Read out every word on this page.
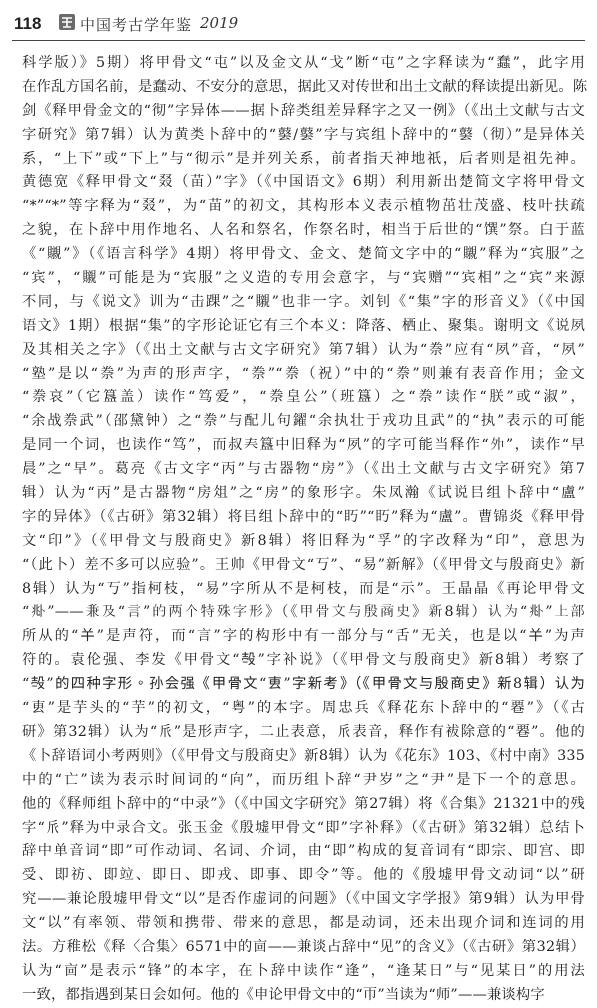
118	中国考古学年鉴 2019
科学版）》5期）将甲骨文“屯”以及金文从“戈”断“屯”之字释读为“蠢”，此字用
在作乱方国名前，是蠢动、不安分的意思，据此又对传世和出土文献的释读提出新见。陈
剑《释甲骨金文的“彻”字异体——据卜辞类组差异释字之又一例》（《出土文献与古文
字研究》第7辑）认为黄类卜辞中的“䵽/䵽”字与宾组卜辞中的“䵽（彻）”是异体关
系，“上下”或“下上”与“彻示”是并列关系，前者指天神地祇，后者则是祖先神。
黄德宽《释甲骨文“叕（苗）”字》（《中国语文》6期）利用新出楚简文字将甲骨文
“*”“*”等字释为“叕”，为“苗”的初文，其构形本义表示植物茁壮茂盛、枝叶扶疏
之貌，在卜辞中用作地名、人名和祭名，作祭名时，相当于后世的“馔”祭。白于蓝
《“䞋”》（《语言科学》4期）将甲骨文、金文、楚简文字中的“䞋”释为“宾服”之
“宾”，“䞋”可能是为“宾服”之义造的专用会意字，与“宾赠”“宾相”之“宾”来源
不同，与《说文》训为“击踝”之“䞋”也非一字。刘钊《“集”字的形音义》（《中国
语文》1期）根据“集”的字形论证它有三个本义：降落、栖止、聚集。谢明文《说夙
及其相关之字》（《出土文献与古文字研究》第7辑）认为“䄅”应有“夙”音，“夙”
“塾”是以“䄅”为声的形声字，“䄅”“䄅（祝）”中的“䄅”则兼有表音作用；金文
“䄅哀”（它簋盖）读作“笃爱”，“䄅皇公”（班簋）之“䄅”读作“朕”或“淑”，
“余战䄅武”（邵黛钟）之“䄅”与配儿句鑃“余执壮于戎功且武”的“执”表示的可能
是同一个词，也读作“笃”，而叔𡗗簋中旧释为“夙”的字可能当释作“𡖄”，读作“早
晨”之“早”。葛亮《古文字“丙”与古器物“房”》（《出土文献与古文字研究》第7
辑）认为“丙”是古器物“房俎”之“房”的象形字。朱凤瀚《试说㠯组卜辞中“盧”
字的异体》（《古研》第32辑）将㠯组卜辞中的“䀎”“䀎”释为“盧”。曹锦炎《释甲骨
文“印”》（《甲骨文与殷商史》新8辑）将旧释为“孚”的字改释为“印”，意思为
“（此卜）差不多可以应验”。王帅《甲骨文“丂”、“易”新解》（《甲骨文与殷商史》新
8辑）认为“丂”指柯枝，“易”字所从不是柯枝，而是“示”。王晶晶《再论甲骨文
“𠧞”——兼及“言”的两个特殊字形》（《甲骨文与殷商史》新8辑）认为“𠧞”上部
所从的“𢆉”是声符，而“言”字的构形中有一部分与“舌”无关，也是以“𢆉”为声
符的。袁伦强、李发《甲骨文“𣪊”字补说》（《甲骨文与殷商史》新8辑）考察了
“𣪊”的四种字形。孙会强《甲骨文“叀”字新考》（《甲骨文与殷商史》新8辑）认为
“叀”是芋头的“芋”的初文，“粤”的本字。周忠兵《释花东卜辞中的“䙴”》（《古
研》第32辑）认为“𠂢”是形声字，二止表意，𠂢表音，释作有袚除意的“䙴”。他的
《卜辞语词小考两则》（《甲骨文与殷商史》新8辑）认为《花东》103、《村中南》335
中的“亡”读为表示时间词的“向”，而历组卜辞“尹岁”之“尹”是下一个的意思。
他的《释师组卜辞中的“中录”》（《中国文字研究》第27辑）将《合集》21321中的残
字“𠂢”释为中录合文。张玉金《殷墟甲骨文“即”字补释》（《古研》第32辑）总结卜
辞中单音词“即”可作动词、名词、介词，由“即”构成的复音词有“即宗、即宫、即
受、即祊、即竝、即日、即戎、即事、即令”等。他的《殷墟甲骨文动词“以”研
究——兼论殷墟甲骨文“以”是否作虚词的问题》（《中国文字学报》第9辑）认为甲骨
文“以”有率领、带领和携带、带来的意思，都是动词，还未出现介词和连词的用
法。方稚松《释〈合集〉6571中的㐭——兼谈占辞中“见”的含义》（《古研》第32辑）
认为“㐭”是表示“锋”的本字，在卜辞中读作“逢”，“逢某日”与“见某日”的用法
一致，都指遇到某日会如何。他的《申论甲骨文中的“帀”当读为“师”——兼谈构字
